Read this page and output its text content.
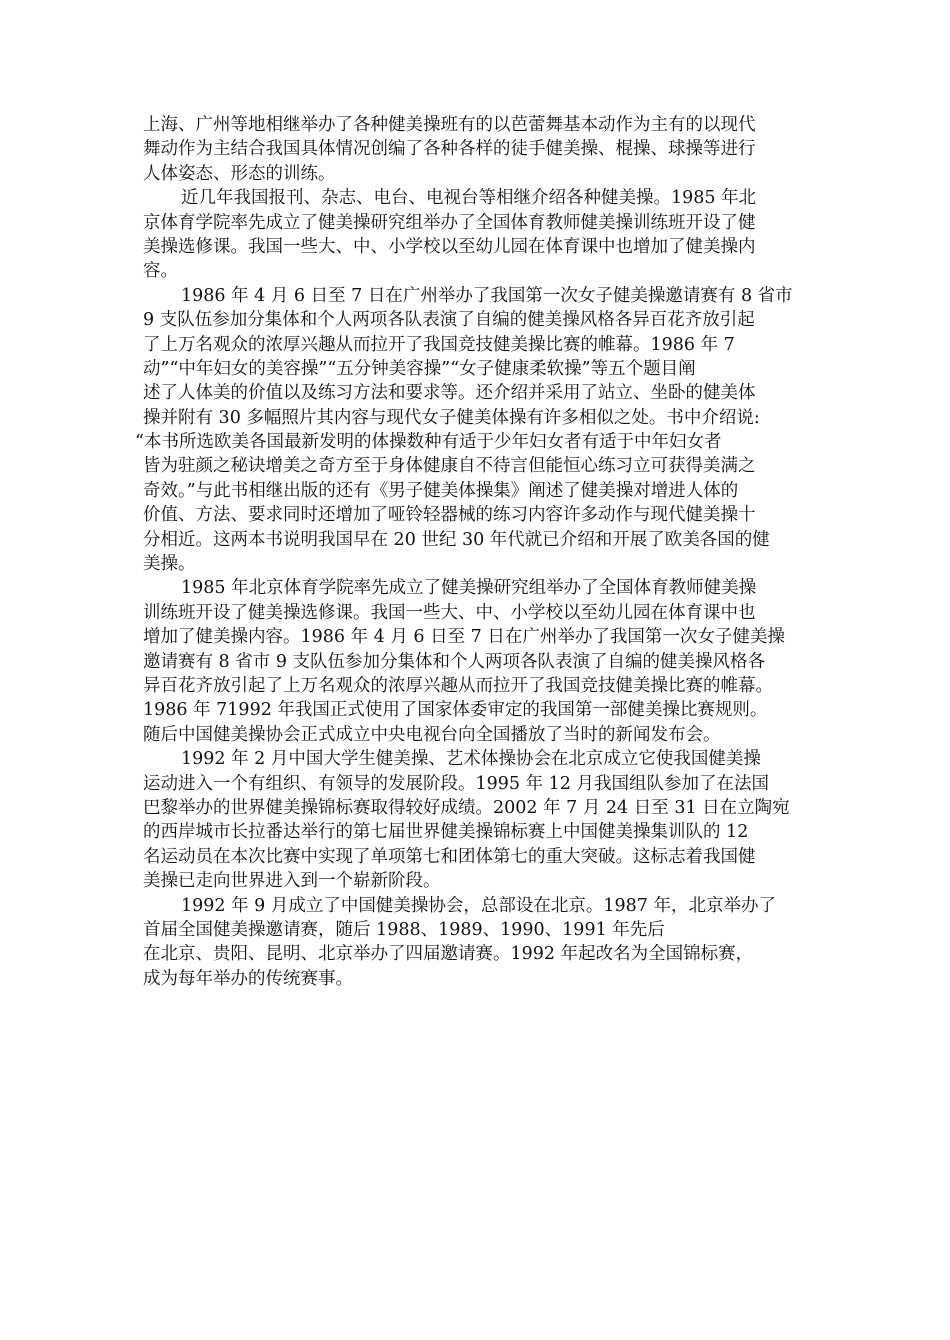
上海、广州等地相继举办了各种健美操班有的以芭蕾舞基本动作为主有的以现代
舞动作为主结合我国具体情况创编了各种各样的徒手健美操、棍操、球操等进行
人体姿态、形态的训练。
近几年我国报刊、杂志、电台、电视台等相继介绍各种健美操。1985 年北
京体育学院率先成立了健美操研究组举办了全国体育教师健美操训练班开设了健
美操选修课。我国一些大、中、小学校以至幼儿园在体育课中也增加了健美操内
容。
1986 年 4 月 6 日至 7 日在广州举办了我国第一次女子健美操邀请赛有 8 省市
9 支队伍参加分集体和个人两项各队表演了自编的健美操风格各异百花齐放引起
了上万名观众的浓厚兴趣从而拉开了我国竞技健美操比赛的帷幕。1986 年 7
动”“中年妇女的美容操”“五分钟美容操”“女子健康柔软操”等五个题目阐
述了人体美的价值以及练习方法和要求等。还介绍并采用了站立、坐卧的健美体
操并附有 30 多幅照片其内容与现代女子健美体操有许多相似之处。书中介绍说:
“本书所选欧美各国最新发明的体操数种有适于少年妇女者有适于中年妇女者
皆为驻颜之秘诀增美之奇方至于身体健康自不待言但能恒心练习立可获得美满之
奇效。”与此书相继出版的还有《男子健美体操集》阐述了健美操对增进人体的
价值、方法、要求同时还增加了哑铃轻器械的练习内容许多动作与现代健美操十
分相近。这两本书说明我国早在 20 世纪 30 年代就已介绍和开展了欧美各国的健
美操。
1985 年北京体育学院率先成立了健美操研究组举办了全国体育教师健美操
训练班开设了健美操选修课。我国一些大、中、小学校以至幼儿园在体育课中也
增加了健美操内容。1986 年 4 月 6 日至 7 日在广州举办了我国第一次女子健美操
邀请赛有 8 省市 9 支队伍参加分集体和个人两项各队表演了自编的健美操风格各
异百花齐放引起了上万名观众的浓厚兴趣从而拉开了我国竞技健美操比赛的帷幕。
1986 年 71992 年我国正式使用了国家体委审定的我国第一部健美操比赛规则。
随后中国健美操协会正式成立中央电视台向全国播放了当时的新闻发布会。
1992 年 2 月中国大学生健美操、艺术体操协会在北京成立它使我国健美操
运动进入一个有组织、有领导的发展阶段。1995 年 12 月我国组队参加了在法国
巴黎举办的世界健美操锦标赛取得较好成绩。2002 年 7 月 24 日至 31 日在立陶宛
的西岸城市长拉番达举行的第七届世界健美操锦标赛上中国健美操集训队的 12
名运动员在本次比赛中实现了单项第七和团体第七的重大突破。这标志着我国健
美操已走向世界进入到一个崭新阶段。
1992 年 9 月成立了中国健美操协会，总部设在北京。1987 年，北京举办了
首届全国健美操邀请赛，随后 1988、1989、1990、1991 年先后
在北京、贵阳、昆明、北京举办了四届邀请赛。1992 年起改名为全国锦标赛，
成为每年举办的传统赛事。
